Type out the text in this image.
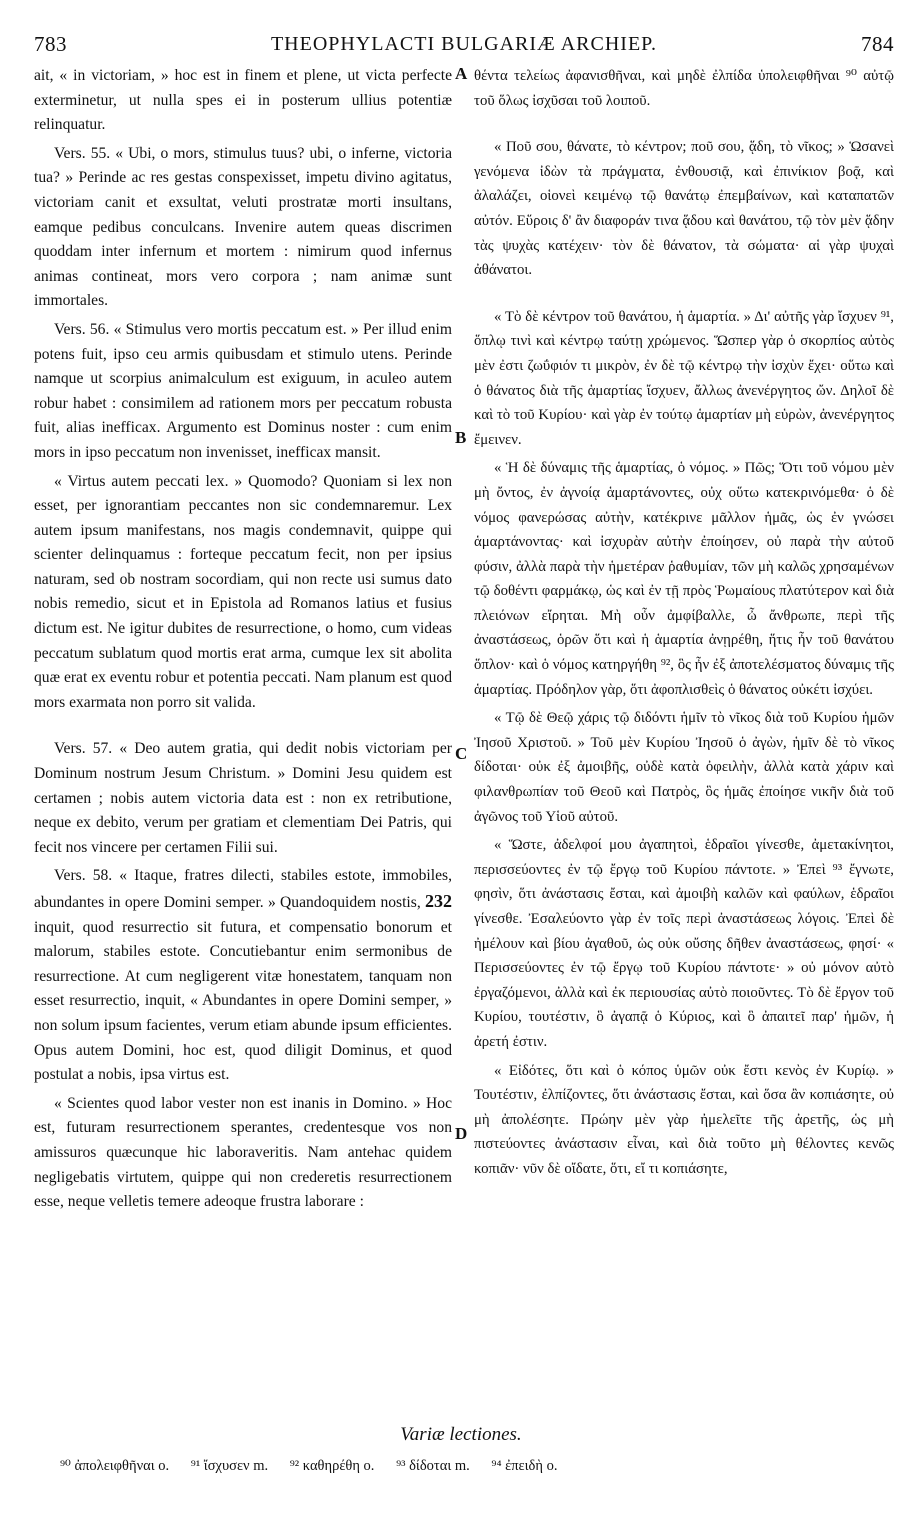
783	THEOPHYLACTI BULGARIÆ ARCHIEP.	784
A
B
C
D

ait, « in victoriam, » hoc est in finem et plene, ut victa perfecte exterminetur, ut nulla spes ei in posterum ullius potentiæ relinquatur.

Vers. 55. « Ubi, o mors, stimulus tuus? ubi, o inferne, victoria tua? » Perinde ac res gestas conspexisset, impetu divino agitatus, victoriam canit et exsultat, veluti prostratæ morti insultans, eamque pedibus conculcans. Invenire autem queas discrimen quoddam inter infernum et mortem : nimirum quod infernus animas contineat, mors vero corpora ; nam animæ sunt immortales.

Vers. 56. « Stimulus vero mortis peccatum est. » Per illud enim potens fuit, ipso ceu armis quibusdam et stimulo utens. Perinde namque ut scorpius animalculum est exiguum, in aculeo autem robur habet : consimilem ad rationem mors per peccatum robusta fuit, alias inefficax. Argumento est Dominus noster : cum enim mors in ipso peccatum non invenisset, inefficax mansit.

« Virtus autem peccati lex. » Quomodo? Quoniam si lex non esset, per ignorantiam peccantes non sic condemnaremur. Lex autem ipsum manifestans, nos magis condemnavit, quippe qui scienter delinquamus : forteque peccatum fecit, non per ipsius naturam, sed ob nostram socordiam, qui non recte usi sumus dato nobis remedio, sicut et in Epistola ad Romanos latius et fusius dictum est. Ne igitur dubites de resurrectione, o homo, cum videas peccatum sublatum quod mortis erat arma, cumque lex sit abolita quæ erat ex eventu robur et potentia peccati. Nam planum est quod mors exarmata non porro sit valida.

Vers. 57. « Deo autem gratia, qui dedit nobis victoriam per Dominum nostrum Jesum Christum. » Domini Jesu quidem est certamen ; nobis autem victoria data est : non ex retributione, neque ex debito, verum per gratiam et clementiam Dei Patris, qui fecit nos vincere per certamen Filii sui.

Vers. 58. « Itaque, fratres dilecti, stabiles estote, immobiles, abundantes in opere Domini semper. » Quandoquidem nostis, 232 inquit, quod resurrectio sit futura, et compensatio bonorum et malorum, stabiles estote. Concutiebantur enim sermonibus de resurrectione. At cum negligerent vitæ honestatem, tanquam non esset resurrectio, inquit, « Abundantes in opere Domini semper, » non solum ipsum facientes, verum etiam abunde ipsum efficientes. Opus autem Domini, hoc est, quod diligit Dominus, et quod postulat a nobis, ipsa virtus est.

« Scientes quod labor vester non est inanis in Domino. » Hoc est, futuram resurrectionem sperantes, credentesque vos non amissuros quæcunque hic laboraveritis. Nam antehac quidem negligebatis virtutem, quippe qui non crederetis resurrectionem esse, neque velletis temere adeoque frustra laborare :

θέντα τελείως ἀφανισθῆναι, καὶ μηδὲ ἐλπίδα ὑπολειφθῆναι ⁹⁰ αὐτῷ τοῦ ὅλως ἰσχῦσαι τοῦ λοιποῦ.

« Ποῦ σου, θάνατε, τὸ κέντρον; ποῦ σου, ᾅδη, τὸ νῖκος; » Ὡσανεὶ γενόμενα ἰδὼν τὰ πράγματα, ἐνθουσιᾷ, καὶ ἐπινίκιον βοᾷ, καὶ ἀλαλάζει, οἱονεὶ κειμένῳ τῷ θανάτῳ ἐπεμβαίνων, καὶ καταπατῶν αὐτόν. Εὕροις δ' ἂν διαφοράν τινα ᾅδου καὶ θανάτου, τῷ τὸν μὲν ᾅδην τὰς ψυχὰς κατέχειν· τὸν δὲ θάνατον, τὰ σώματα· αἱ γὰρ ψυχαὶ ἀθάνατοι.

« Τὸ δὲ κέντρον τοῦ θανάτου, ἡ ἁμαρτία. » Δι' αὐτῆς γὰρ ἴσχυεν ⁹¹, ὅπλῳ τινὶ καὶ κέντρῳ ταύτῃ χρώμενος. Ὥσπερ γὰρ ὁ σκορπίος αὐτὸς μὲν ἐστι ζωΰφιόν τι μικρὸν, ἐν δὲ τῷ κέντρῳ τὴν ἰσχὺν ἔχει· οὕτω καὶ ὁ θάνατος διὰ τῆς ἁμαρτίας ἴσχυεν, ἄλλως ἀνενέργητος ὤν. Δηλοῖ δὲ καὶ τὸ τοῦ Κυρίου· καὶ γὰρ ἐν τούτῳ ἁμαρτίαν μὴ εὑρὼν, ἀνενέργητος ἔμεινεν.

« Ἡ δὲ δύναμις τῆς ἁμαρτίας, ὁ νόμος. » Πῶς; Ὅτι τοῦ νόμου μὲν μὴ ὄντος, ἐν ἀγνοίᾳ ἁμαρτάνοντες, οὐχ οὕτω κατεκρινόμεθα· ὁ δὲ νόμος φανερώσας αὐτὴν, κατέκρινε μᾶλλον ἡμᾶς, ὡς ἐν γνώσει ἁμαρτάνοντας· καὶ ἰσχυρὰν αὐτὴν ἐποίησεν, οὐ παρὰ τὴν αὐτοῦ φύσιν, ἀλλὰ παρὰ τὴν ἡμετέραν ῥαθυμίαν, τῶν μὴ καλῶς χρησαμένων τῷ δοθέντι φαρμάκῳ, ὡς καὶ ἐν τῇ πρὸς Ῥωμαίους πλατύτερον καὶ διὰ πλειόνων εἴρηται. Μὴ οὖν ἀμφίβαλλε, ὦ ἄνθρωπε, περὶ τῆς ἀναστάσεως, ὁρῶν ὅτι καὶ ἡ ἁμαρτία ἀνῃρέθη, ἥτις ἦν τοῦ θανάτου ὅπλον· καὶ ὁ νόμος κατηργήθη ⁹², ὃς ἦν ἐξ ἀποτελέσματος δύναμις τῆς ἁμαρτίας. Πρόδηλον γὰρ, ὅτι ἀφοπλισθεὶς ὁ θάνατος οὐκέτι ἰσχύει.

« Τῷ δὲ Θεῷ χάρις τῷ διδόντι ἡμῖν τὸ νῖκος διὰ τοῦ Κυρίου ἡμῶν Ἰησοῦ Χριστοῦ. » Τοῦ μὲν Κυρίου Ἰησοῦ ὁ ἀγὼν, ἡμῖν δὲ τὸ νῖκος δίδοται· οὐκ ἐξ ἀμοιβῆς, οὐδὲ κατὰ ὀφειλὴν, ἀλλὰ κατὰ χάριν καὶ φιλανθρωπίαν τοῦ Θεοῦ καὶ Πατρὸς, ὃς ἡμᾶς ἐποίησε νικῆν διὰ τοῦ ἀγῶνος τοῦ Υἱοῦ αὐτοῦ.

« Ὥστε, ἀδελφοί μου ἀγαπητοὶ, ἑδραῖοι γίνεσθε, ἀμετακίνητοι, περισσεύοντες ἐν τῷ ἔργῳ τοῦ Κυρίου πάντοτε. » Ἐπεὶ ⁹³ ἔγνωτε, φησὶν, ὅτι ἀνάστασις ἔσται, καὶ ἀμοιβὴ καλῶν καὶ φαύλων, ἑδραῖοι γίνεσθε. Ἐσαλεύοντο γὰρ ἐν τοῖς περὶ ἀναστάσεως λόγοις. Ἐπεὶ δὲ ἠμέλουν καὶ βίου ἀγαθοῦ, ὡς οὐκ οὔσης δῆθεν ἀναστάσεως, φησί· « Περισσεύοντες ἐν τῷ ἔργῳ τοῦ Κυρίου πάντοτε· » οὐ μόνον αὐτὸ ἐργαζόμενοι, ἀλλὰ καὶ ἐκ περιουσίας αὐτὸ ποιοῦντες. Τὸ δὲ ἔργον τοῦ Κυρίου, τουτέστιν, ὃ ἀγαπᾷ ὁ Κύριος, καὶ ὃ ἀπαιτεῖ παρ' ἡμῶν, ἡ ἀρετή ἐστιν.

« Εἰδότες, ὅτι καὶ ὁ κόπος ὑμῶν οὐκ ἔστι κενὸς ἐν Κυρίῳ. » Τουτέστιν, ἐλπίζοντες, ὅτι ἀνάστασις ἔσται, καὶ ὅσα ἂν κοπιάσητε, οὐ μὴ ἀπολέσητε. Πρώην μὲν γὰρ ἠμελεῖτε τῆς ἀρετῆς, ὡς μὴ πιστεύοντες ἀνάστασιν εἶναι, καὶ διὰ τοῦτο μὴ θέλοντες κενῶς κοπιᾶν· νῦν δὲ οἴδατε, ὅτι, εἴ τι κοπιάσητε,

Variæ lectiones.
⁹⁰ ἀπολειφθῆναι o. ⁹¹ ἴσχυσεν m. ⁹² καθηρέθη o. ⁹³ δίδοται m. ⁹⁴ ἐπειδὴ o.
